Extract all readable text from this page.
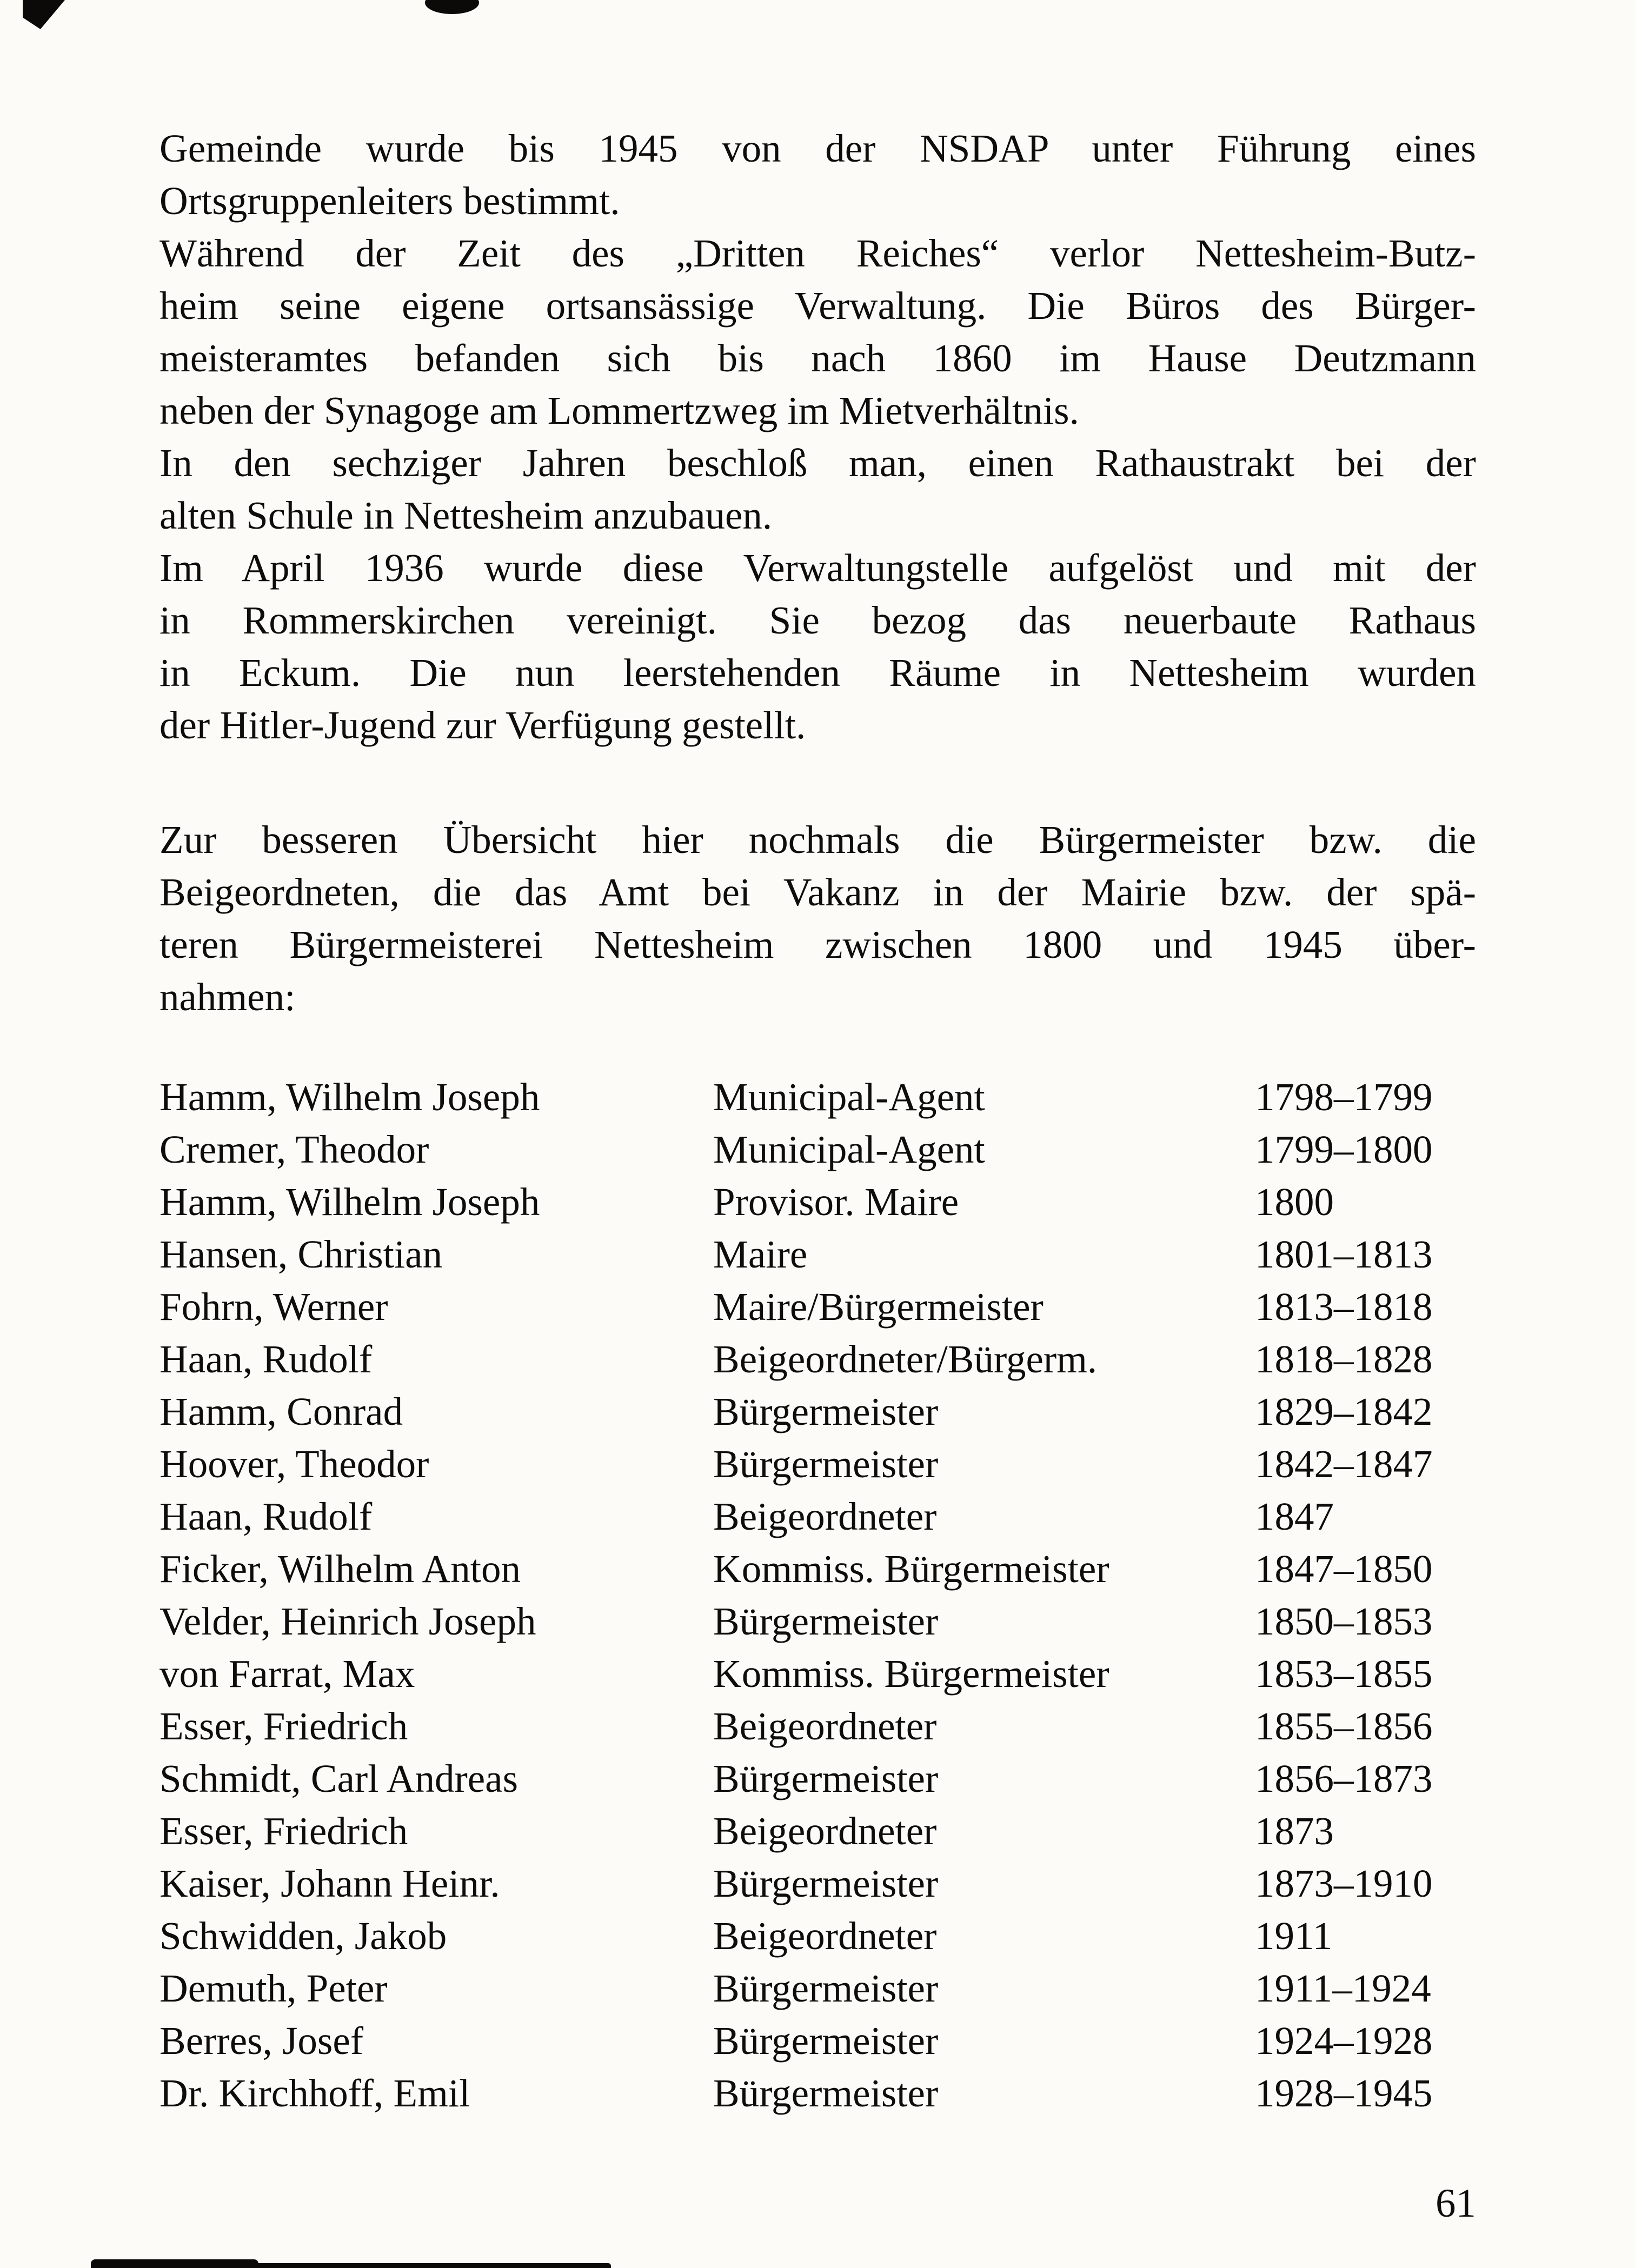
Gemeinde wurde bis 1945 von der NSDAP unter Führung eines
Ortsgruppenleiters bestimmt.
Während der Zeit des „Dritten Reiches“ verlor Nettesheim-Butz-
heim seine eigene ortsansässige Verwaltung. Die Büros des Bürger-
meisteramtes befanden sich bis nach 1860 im Hause Deutzmann
neben der Synagoge am Lommertzweg im Mietverhältnis.
In den sechziger Jahren beschloß man, einen Rathaustrakt bei der
alten Schule in Nettesheim anzubauen.
Im April 1936 wurde diese Verwaltungstelle aufgelöst und mit der
in Rommerskirchen vereinigt. Sie bezog das neuerbaute Rathaus
in Eckum. Die nun leerstehenden Räume in Nettesheim wurden
der Hitler-Jugend zur Verfügung gestellt.
Zur besseren Übersicht hier nochmals die Bürgermeister bzw. die
Beigeordneten, die das Amt bei Vakanz in der Mairie bzw. der spä-
teren Bürgermeisterei Nettesheim zwischen 1800 und 1945 über-
nahmen:
Hamm, Wilhelm Joseph	Municipal-Agent	1798–1799
Cremer, Theodor	Municipal-Agent	1799–1800
Hamm, Wilhelm Joseph	Provisor. Maire	1800
Hansen, Christian	Maire	1801–1813
Fohrn, Werner	Maire/Bürgermeister	1813–1818
Haan, Rudolf	Beigeordneter/Bürgerm.	1818–1828
Hamm, Conrad	Bürgermeister	1829–1842
Hoover, Theodor	Bürgermeister	1842–1847
Haan, Rudolf	Beigeordneter	1847
Ficker, Wilhelm Anton	Kommiss. Bürgermeister	1847–1850
Velder, Heinrich Joseph	Bürgermeister	1850–1853
von Farrat, Max	Kommiss. Bürgermeister	1853–1855
Esser, Friedrich	Beigeordneter	1855–1856
Schmidt, Carl Andreas	Bürgermeister	1856–1873
Esser, Friedrich	Beigeordneter	1873
Kaiser, Johann Heinr.	Bürgermeister	1873–1910
Schwidden, Jakob	Beigeordneter	1911
Demuth, Peter	Bürgermeister	1911–1924
Berres, Josef	Bürgermeister	1924–1928
Dr. Kirchhoff, Emil	Bürgermeister	1928–1945
61
